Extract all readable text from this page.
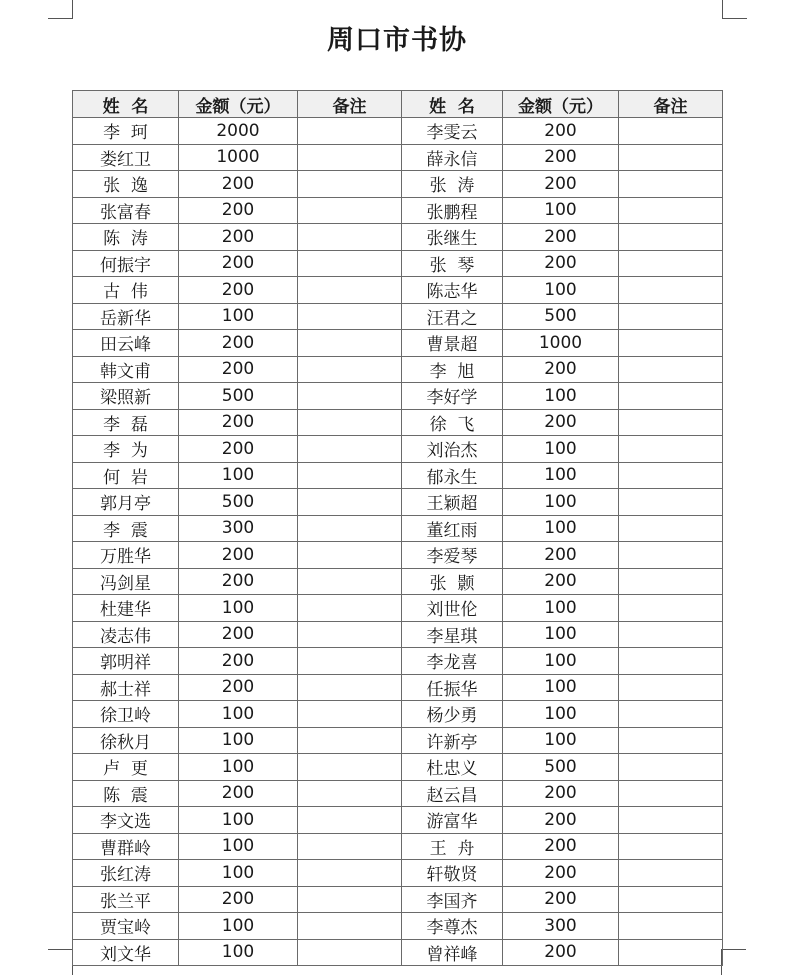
周口市书协
姓  名	金额（元）	备注	姓  名	金额（元）	备注
李  珂	2000		李雯云	200	
娄红卫	1000		薛永信	200	
张  逸	200		张  涛	200	
张富春	200		张鹏程	100	
陈  涛	200		张继生	200	
何振宇	200		张  琴	200	
古  伟	200		陈志华	100	
岳新华	100		汪君之	500	
田云峰	200		曹景超	1000	
韩文甫	200		李  旭	200	
梁照新	500		李好学	100	
李  磊	200		徐  飞	200	
李  为	200		刘治杰	100	
何  岩	100		郁永生	100	
郭月亭	500		王颖超	100	
李  震	300		董红雨	100	
万胜华	200		李爱琴	200	
冯剑星	200		张  颢	200	
杜建华	100		刘世伦	100	
凌志伟	200		李星琪	100	
郭明祥	200		李龙喜	100	
郝士祥	200		任振华	100	
徐卫岭	100		杨少勇	100	
徐秋月	100		许新亭	100	
卢  更	100		杜忠义	500	
陈  震	200		赵云昌	200	
李文选	100		游富华	200	
曹群岭	100		王  舟	200	
张红涛	100		轩敬贤	200	
张兰平	200		李国齐	200	
贾宝岭	100		李尊杰	300	
刘文华	100		曾祥峰	200	
